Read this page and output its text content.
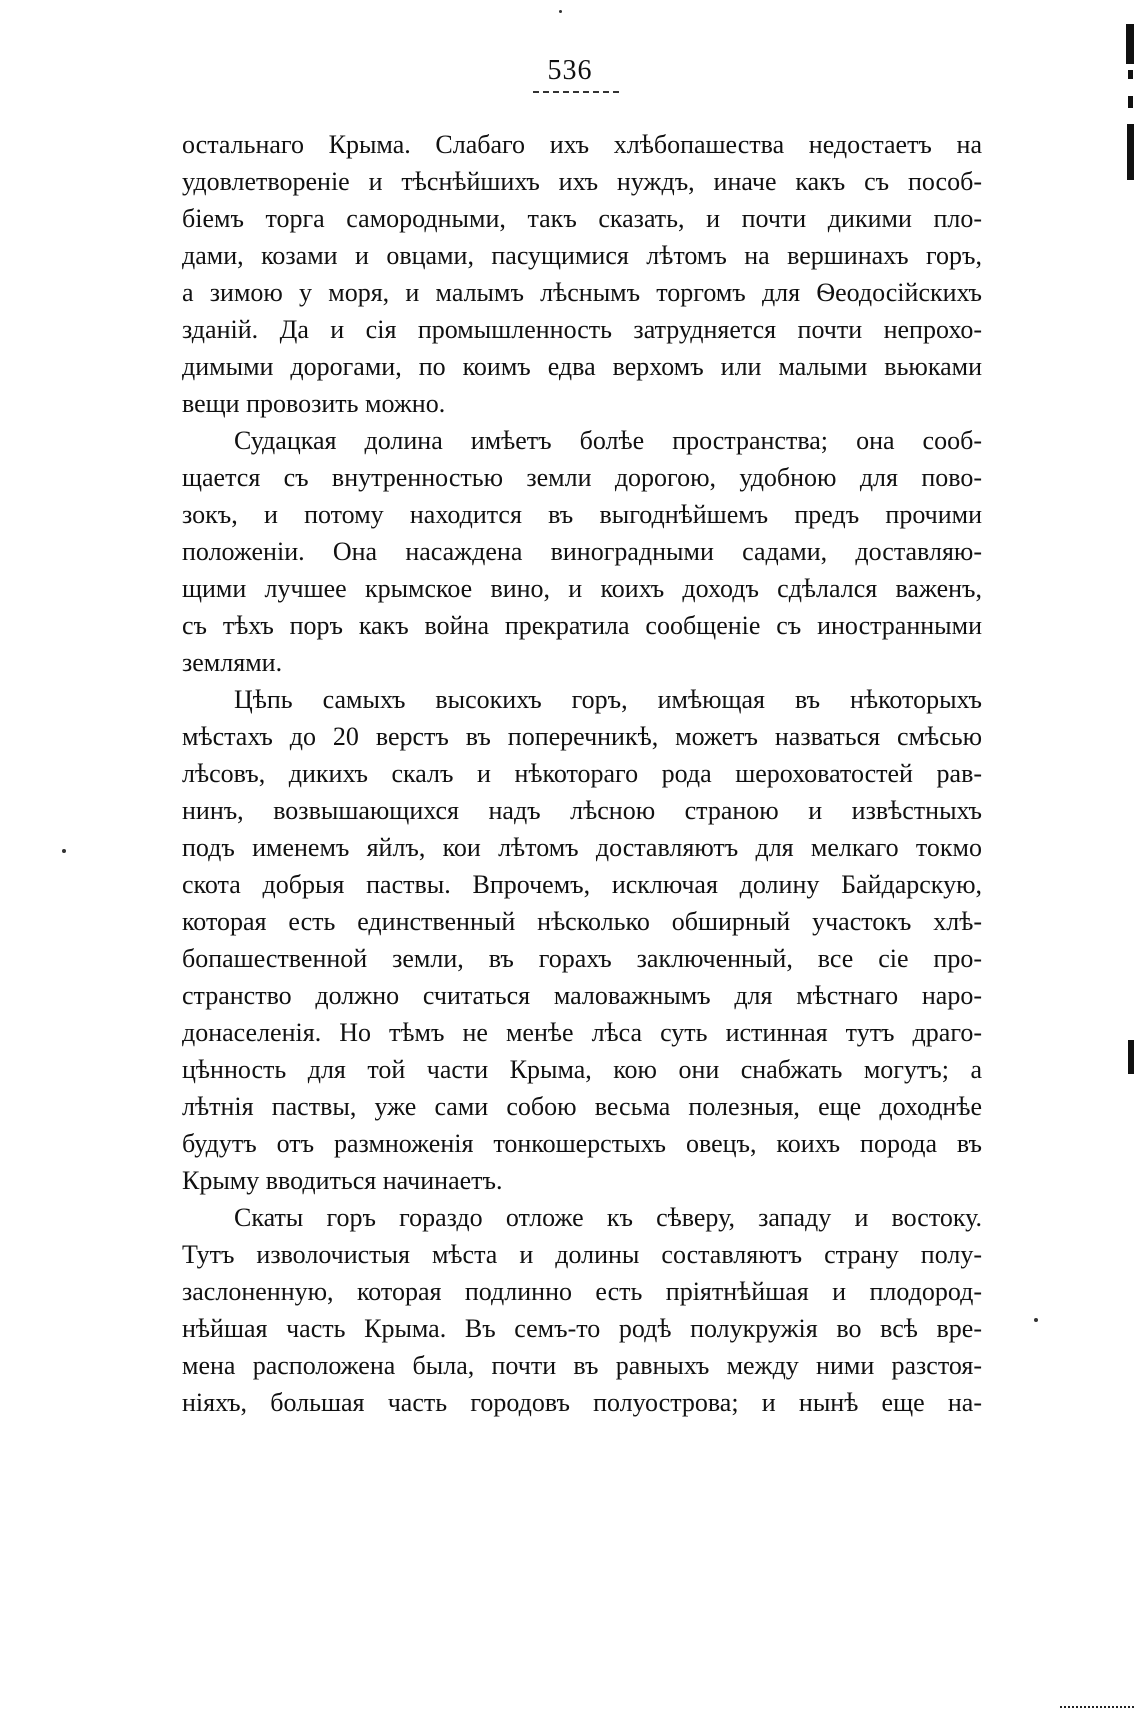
536
остальнаго Крыма. Слабаго ихъ хлѣбопашества недостаетъ на
удовлетвореніе и тѣснѣйшихъ ихъ нуждъ, иначе какъ съ пособ-
біемъ торга самородными, такъ сказать, и почти дикими пло-
дами, козами и овцами, пасущимися лѣтомъ на вершинахъ горъ,
а зимою у моря, и малымъ лѣснымъ торгомъ для Ѳеодосійскихъ
зданій. Да и сія промышленность затрудняется почти непрохо-
димыми дорогами, по коимъ едва верхомъ или малыми вьюками
вещи провозить можно.
Судацкая долина имѣетъ болѣе пространства; она сооб-
щается съ внутренностью земли дорогою, удобною для пово-
зокъ, и потому находится въ выгоднѣйшемъ предъ прочими
положеніи. Она насаждена виноградными садами, доставляю-
щими лучшее крымское вино, и коихъ доходъ сдѣлался важенъ,
съ тѣхъ поръ какъ война прекратила сообщеніе съ иностранными
землями.
Цѣпь самыхъ высокихъ горъ, имѣющая въ нѣкоторыхъ
мѣстахъ до 20 верстъ въ поперечникѣ, можетъ назваться смѣсью
лѣсовъ, дикихъ скалъ и нѣкотораго рода шероховатостей рав-
нинъ, возвышающихся надъ лѣсною страною и извѣстныхъ
подъ именемъ яйлъ, кои лѣтомъ доставляютъ для мелкаго токмо
скота добрыя паствы. Впрочемъ, исключая долину Байдарскую,
которая есть единственный нѣсколько обширный участокъ хлѣ-
бопашественной земли, въ горахъ заключенный, все сіе про-
странство должно считаться маловажнымъ для мѣстнаго наро-
донаселенія. Но тѣмъ не менѣе лѣса суть истинная тутъ драго-
цѣнность для той части Крыма, кою они снабжать могутъ; а
лѣтнія паствы, уже сами собою весьма полезныя, еще доходнѣе
будутъ отъ размноженія тонкошерстыхъ овецъ, коихъ порода въ
Крыму вводиться начинаетъ.
Скаты горъ гораздо отложе къ сѣверу, западу и востоку.
Тутъ изволочистыя мѣста и долины составляютъ страну полу-
заслоненную, которая подлинно есть пріятнѣйшая и плодород-
нѣйшая часть Крыма. Въ семъ-то родѣ полукружія во всѣ вре-
мена расположена была, почти въ равныхъ между ними разстоя-
ніяхъ, большая часть городовъ полуострова; и нынѣ еще на-
